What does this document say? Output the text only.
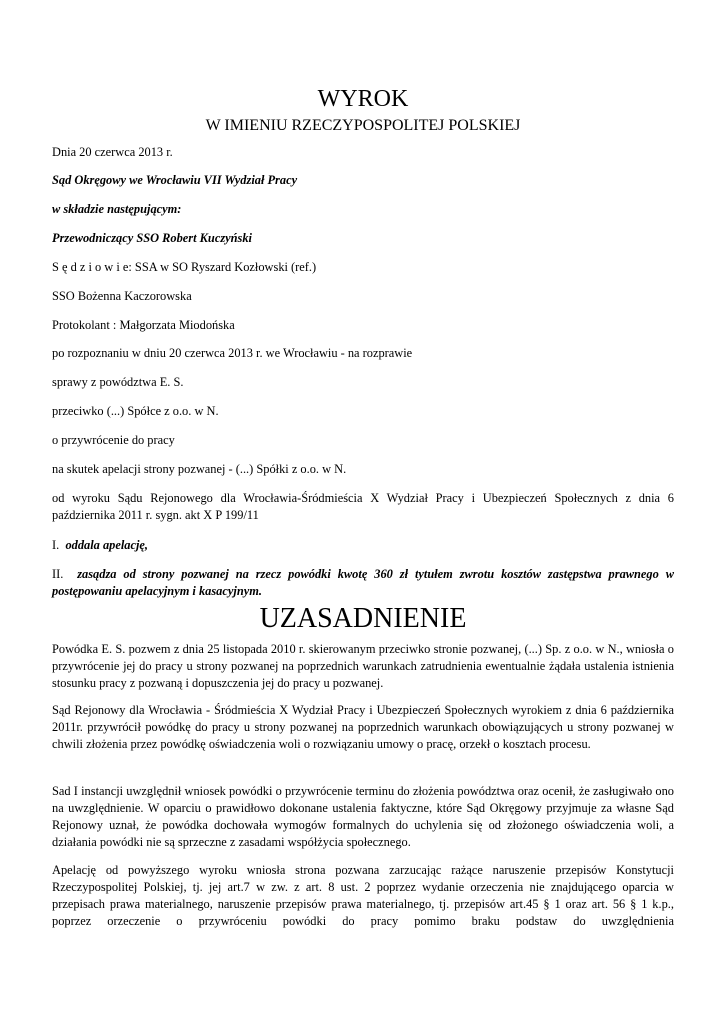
WYROK
W IMIENIU RZECZYPOSPOLITEJ POLSKIEJ
Dnia 20 czerwca 2013 r.
Sąd Okręgowy we Wrocławiu VII Wydział Pracy
w składzie następującym:
Przewodniczący SSO Robert Kuczyński
S ę d z i o w i e: SSA w SO Ryszard Kozłowski (ref.)
SSO Bożenna Kaczorowska
Protokolant : Małgorzata Miodońska
po rozpoznaniu w dniu 20 czerwca 2013 r. we Wrocławiu - na rozprawie
sprawy z powództwa E. S.
przeciwko (...) Spółce z o.o. w N.
o przywrócenie do pracy
na skutek apelacji strony pozwanej - (...) Spółki z o.o. w N.
od wyroku Sądu Rejonowego dla Wrocławia-Śródmieścia X Wydział Pracy i Ubezpieczeń Społecznych z dnia 6 października 2011 r. sygn. akt X P 199/11
I. oddala apelację,
II. zasądza od strony pozwanej na rzecz powódki kwotę 360 zł tytułem zwrotu kosztów zastępstwa prawnego w postępowaniu apelacyjnym i kasacyjnym.
UZASADNIENIE
Powódka E. S. pozwem z dnia 25 listopada 2010 r. skierowanym przeciwko stronie pozwanej, (...) Sp. z o.o. w N., wniosła o przywrócenie jej do pracy u strony pozwanej na poprzednich warunkach zatrudnienia ewentualnie żądała ustalenia istnienia stosunku pracy z pozwaną i dopuszczenia jej do pracy u pozwanej.
Sąd Rejonowy dla Wrocławia - Śródmieścia X Wydział Pracy i Ubezpieczeń Społecznych wyrokiem z dnia 6 października 2011r. przywrócił powódkę do pracy u strony pozwanej na poprzednich warunkach obowiązujących u strony pozwanej w chwili złożenia przez powódkę oświadczenia woli o rozwiązaniu umowy o pracę, orzekł o kosztach procesu.
Sad I instancji uwzględnił wniosek powódki o przywrócenie terminu do złożenia powództwa oraz ocenił, że zasługiwało ono na uwzględnienie. W oparciu o prawidłowo dokonane ustalenia faktyczne, które Sąd Okręgowy przyjmuje za własne Sąd Rejonowy uznał, że powódka dochowała wymogów formalnych do uchylenia się od złożonego oświadczenia woli, a działania powódki nie są sprzeczne z zasadami współżycia społecznego.
Apelację od powyższego wyroku wniosła strona pozwana zarzucając rażące naruszenie przepisów Konstytucji Rzeczypospolitej Polskiej, tj. jej art.7 w zw. z art. 8 ust. 2 poprzez wydanie orzeczenia nie znajdującego oparcia w przepisach prawa materialnego, naruszenie przepisów prawa materialnego, tj. przepisów art.45 § 1 oraz art. 56 § 1 k.p., poprzez orzeczenie o przywróceniu powódki do pracy pomimo braku podstaw do uwzględnienia
